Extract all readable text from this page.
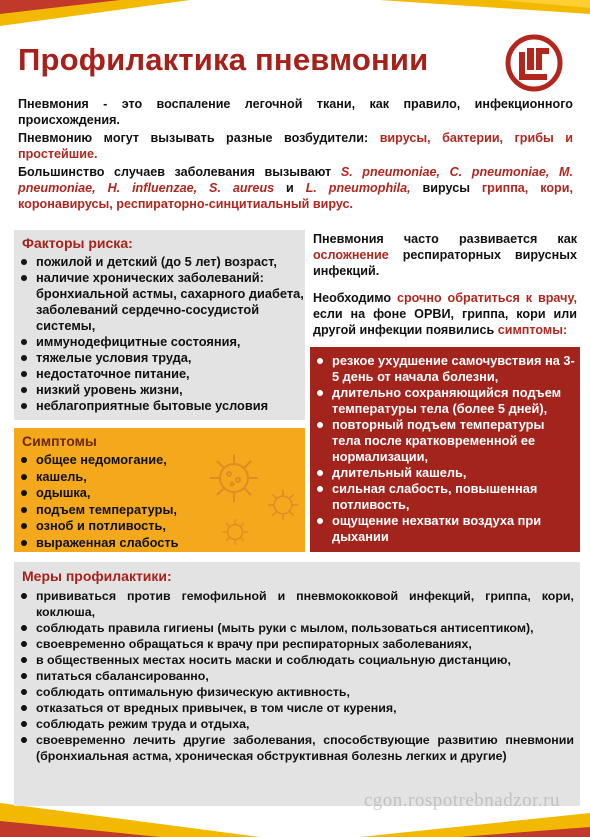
Профилактика пневмонии

Пневмония - это воспаление легочной ткани, как правило, инфекционного происхождения.

Пневмонию могут вызывать разные возбудители: вирусы, бактерии, грибы и простейшие.

Большинство случаев заболевания вызывают S. pneumoniae, C. pneumoniae, M. pneumoniae, H. influenzae, S. aureus и L. pneumophila, вирусы гриппа, кори, коронавирусы, респираторно-синцитиальный вирус.

Факторы риска:
пожилой и детский (до 5 лет) возраст,
наличие хронических заболеваний: бронхиальной астмы, сахарного диабета, заболеваний сердечно-сосудистой системы,
иммунодефицитные состояния,
тяжелые условия труда,
недостаточное питание,
низкий уровень жизни,
неблагоприятные бытовые условия
Пневмония часто развивается как осложнение респираторных вирусных инфекций.
Необходимо срочно обратиться к врачу, если на фоне ОРВИ, гриппа, кори или другой инфекции появились симптомы:
резкое ухудшение самочувствия на 3-5 день от начала болезни,
длительно сохраняющийся подъем температуры тела (более 5 дней),
повторный подъем температуры тела после кратковременной ее нормализации,
длительный кашель,
сильная слабость, повышенная потливость,
ощущение нехватки воздуха при дыхании
Симптомы
общее недомогание,
кашель,
одышка,
подъем температуры,
озноб и потливость,
выраженная слабость
Меры профилактики:
прививаться против гемофильной и пневмококковой инфекций, гриппа, кори, коклюша,
соблюдать правила гигиены (мыть руки с мылом, пользоваться антисептиком),
своевременно обращаться к врачу при респираторных заболеваниях,
в общественных местах носить маски и соблюдать социальную дистанцию,
питаться сбалансированно,
соблюдать оптимальную физическую активность,
отказаться от вредных привычек, в том числе от курения,
соблюдать режим труда и отдыха,
своевременно лечить другие заболевания, способствующие развитию пневмонии (бронхиальная астма, хроническая обструктивная болезнь легких и другие)
cgon.rospotrebnadzor.ru
